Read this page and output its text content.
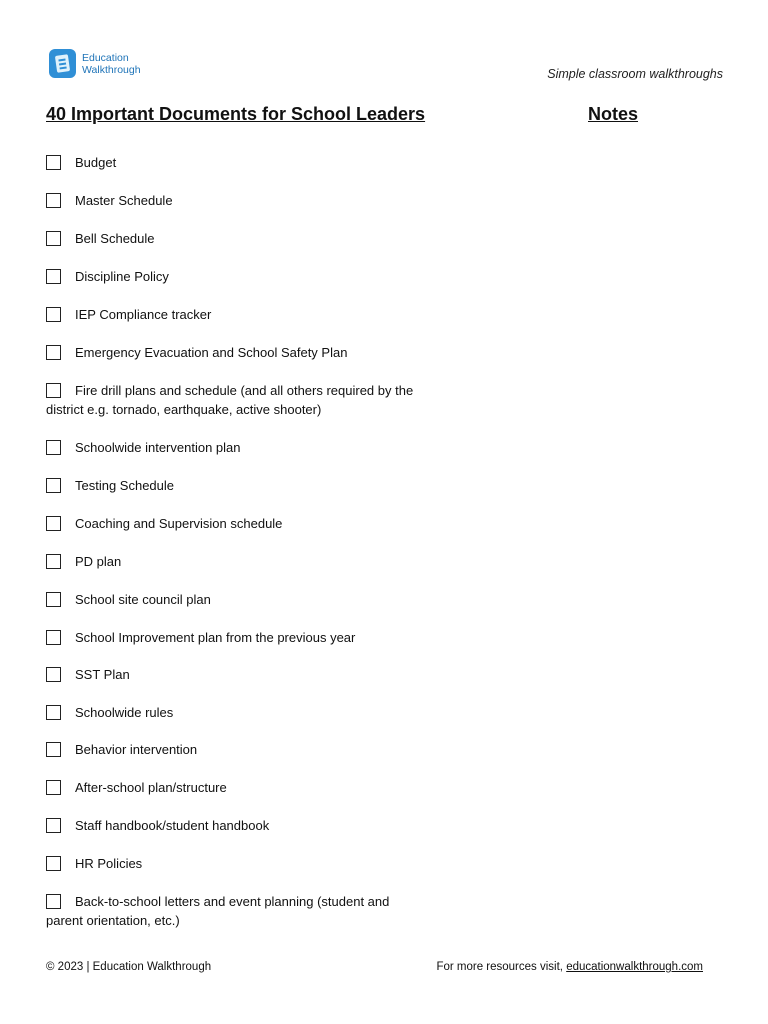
Education
Walkthrough	Simple classroom walkthroughs
40 Important Documents for School Leaders	Notes
Budget
Master Schedule
Bell Schedule
Discipline Policy
IEP Compliance tracker
Emergency Evacuation and School Safety Plan
Fire drill plans and schedule (and all others required by the district e.g. tornado, earthquake, active shooter)
Schoolwide intervention plan
Testing Schedule
Coaching and Supervision schedule
PD plan
School site council plan
School Improvement plan from the previous year
SST Plan
Schoolwide rules
Behavior intervention
After-school plan/structure
Staff handbook/student handbook
HR Policies
Back-to-school letters and event planning (student and parent orientation, etc.)
© 2023 | Education Walkthrough	For more resources visit, educationwalkthrough.com
